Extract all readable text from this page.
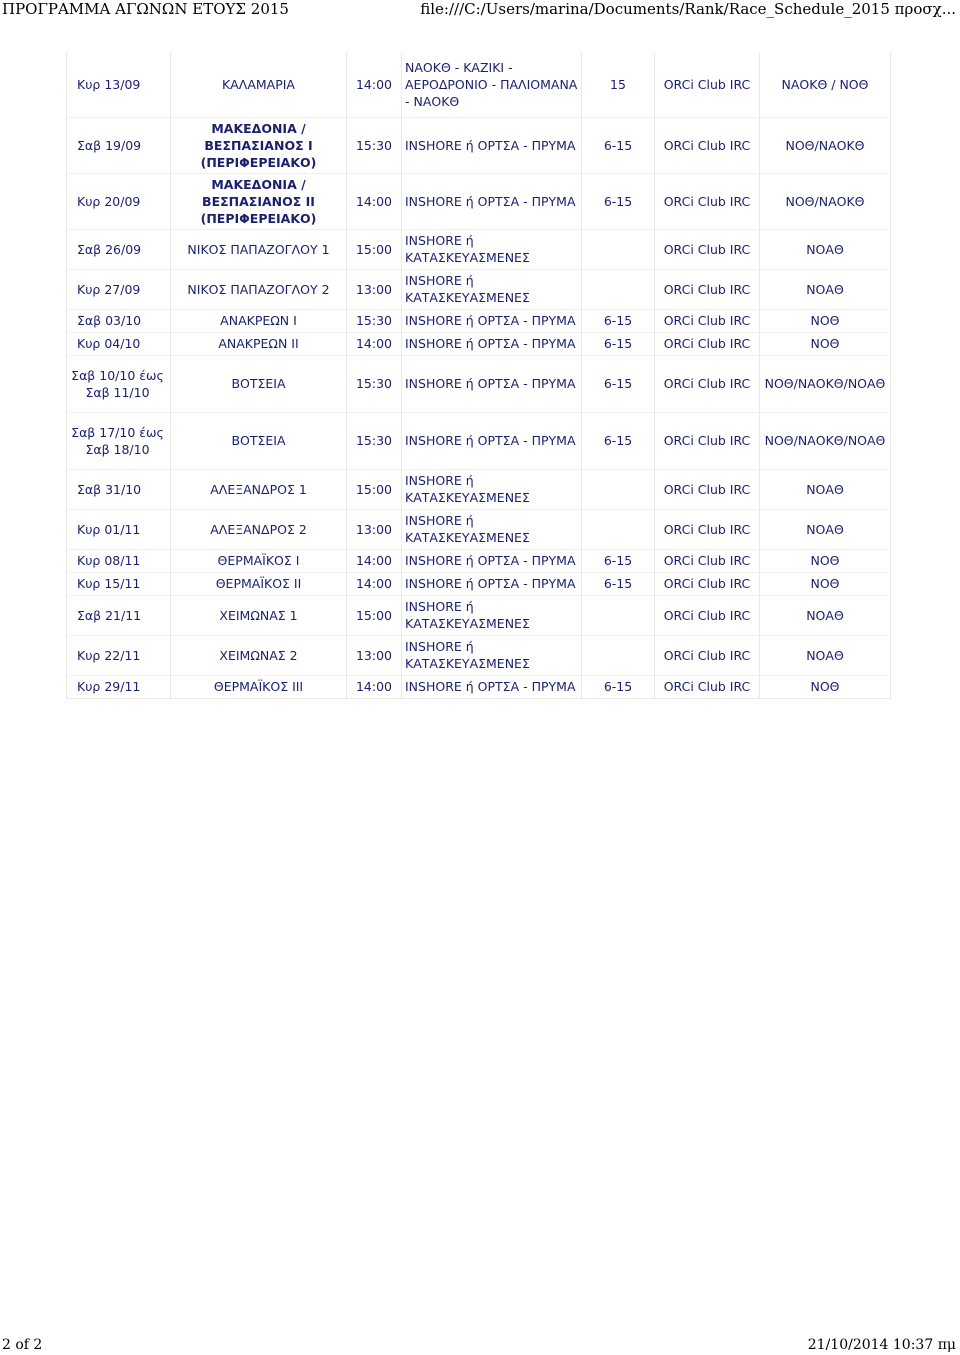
ΠΡΟΓΡΑΜΜΑ ΑΓΩΝΩΝ ΕΤΟΥΣ 2015	file:///C:/Users/marina/Documents/Rank/Race_Schedule_2015 προσχ...
Κυρ 13/09	ΚΑΛΑΜΑΡΙΑ	14:00	ΝΑΟΚΘ - ΚΑΖΙΚΙ - ΑΕΡΟΔΡΟΝΙΟ - ΠΑΛΙΟΜΑΝΑ - ΝΑΟΚΘ	15	ORCi Club IRC	ΝΑΟΚΘ / ΝΟΘ
Σαβ 19/09	ΜΑΚΕΔΟΝΙΑ / ΒΕΣΠΑΣΙΑΝΟΣ Ι (ΠΕΡΙΦΕΡΕΙΑΚΟ)	15:30	INSHORE ή ΟΡΤΣΑ - ΠΡΥΜΑ	6-15	ORCi Club IRC	ΝΟΘ/ΝΑΟΚΘ
Κυρ 20/09	ΜΑΚΕΔΟΝΙΑ / ΒΕΣΠΑΣΙΑΝΟΣ ΙΙ (ΠΕΡΙΦΕΡΕΙΑΚΟ)	14:00	INSHORE ή ΟΡΤΣΑ - ΠΡΥΜΑ	6-15	ORCi Club IRC	ΝΟΘ/ΝΑΟΚΘ
Σαβ 26/09	ΝΙΚΟΣ ΠΑΠΑΖΟΓΛΟΥ 1	15:00	INSHORE ή ΚΑΤΑΣΚΕΥΑΣΜΕΝΕΣ		ORCi Club IRC	ΝΟΑΘ
Κυρ 27/09	ΝΙΚΟΣ ΠΑΠΑΖΟΓΛΟΥ 2	13:00	INSHORE ή ΚΑΤΑΣΚΕΥΑΣΜΕΝΕΣ		ORCi Club IRC	ΝΟΑΘ
Σαβ 03/10	ΑΝΑΚΡΕΩΝ Ι	15:30	INSHORE ή ΟΡΤΣΑ - ΠΡΥΜΑ	6-15	ORCi Club IRC	ΝΟΘ
Κυρ 04/10	ΑΝΑΚΡΕΩΝ ΙΙ	14:00	INSHORE ή ΟΡΤΣΑ - ΠΡΥΜΑ	6-15	ORCi Club IRC	ΝΟΘ
Σαβ 10/10 έως Σαβ 11/10	ΒΟΤΣΕΙΑ	15:30	INSHORE ή ΟΡΤΣΑ - ΠΡΥΜΑ	6-15	ORCi Club IRC	ΝΟΘ/ΝΑΟΚΘ/ΝΟΑΘ
Σαβ 17/10 έως Σαβ 18/10	ΒΟΤΣΕΙΑ	15:30	INSHORE ή ΟΡΤΣΑ - ΠΡΥΜΑ	6-15	ORCi Club IRC	ΝΟΘ/ΝΑΟΚΘ/ΝΟΑΘ
Σαβ 31/10	ΑΛΕΞΑΝΔΡΟΣ 1	15:00	INSHORE ή ΚΑΤΑΣΚΕΥΑΣΜΕΝΕΣ		ORCi Club IRC	ΝΟΑΘ
Κυρ 01/11	ΑΛΕΞΑΝΔΡΟΣ 2	13:00	INSHORE ή ΚΑΤΑΣΚΕΥΑΣΜΕΝΕΣ		ORCi Club IRC	ΝΟΑΘ
Κυρ 08/11	ΘΕΡΜΑΪΚΟΣ Ι	14:00	INSHORE ή ΟΡΤΣΑ - ΠΡΥΜΑ	6-15	ORCi Club IRC	ΝΟΘ
Κυρ 15/11	ΘΕΡΜΑΪΚΟΣ ΙΙ	14:00	INSHORE ή ΟΡΤΣΑ - ΠΡΥΜΑ	6-15	ORCi Club IRC	ΝΟΘ
Σαβ 21/11	ΧΕΙΜΩΝΑΣ 1	15:00	INSHORE ή ΚΑΤΑΣΚΕΥΑΣΜΕΝΕΣ		ORCi Club IRC	ΝΟΑΘ
Κυρ 22/11	ΧΕΙΜΩΝΑΣ 2	13:00	INSHORE ή ΚΑΤΑΣΚΕΥΑΣΜΕΝΕΣ		ORCi Club IRC	ΝΟΑΘ
Κυρ 29/11	ΘΕΡΜΑΪΚΟΣ ΙΙΙ	14:00	INSHORE ή ΟΡΤΣΑ - ΠΡΥΜΑ	6-15	ORCi Club IRC	ΝΟΘ
2 of 2	21/10/2014 10:37 πμ
